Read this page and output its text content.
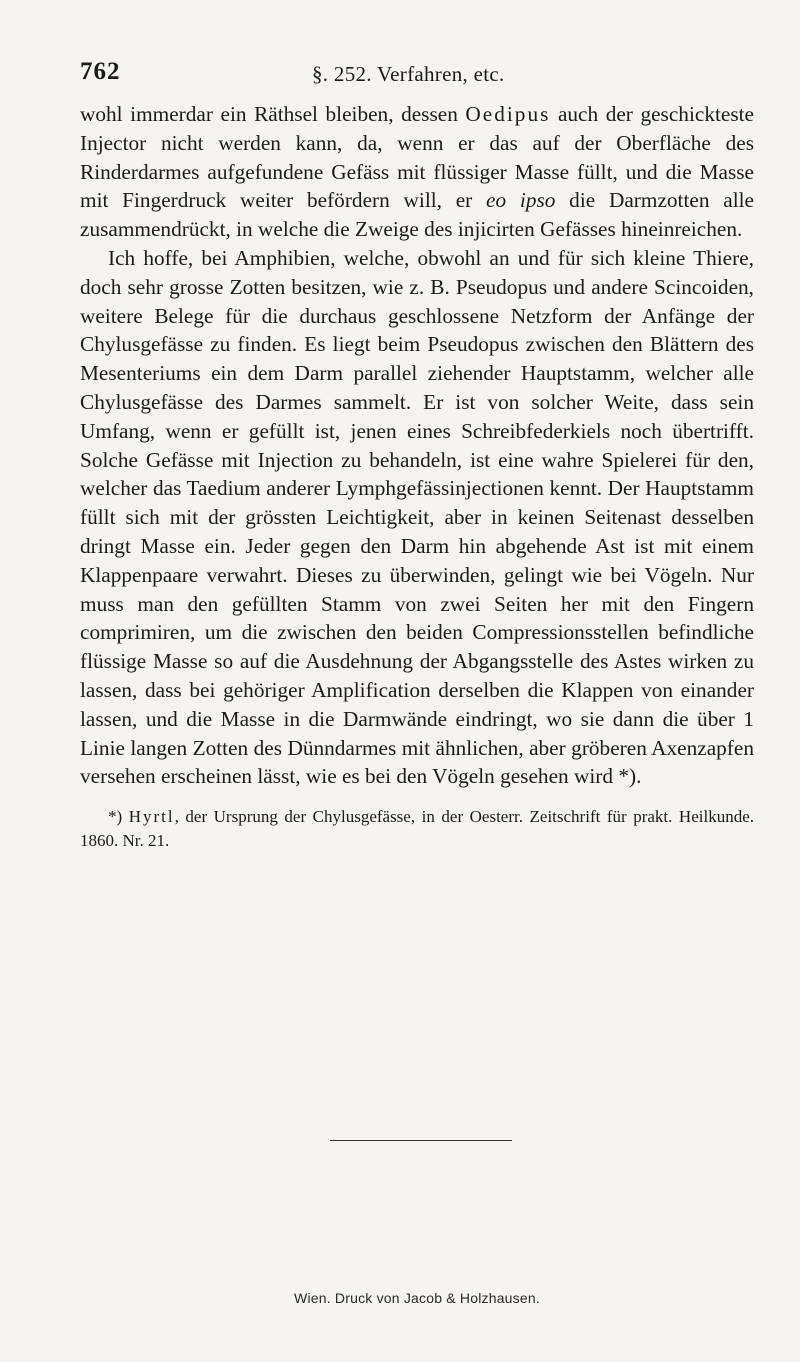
762	§. 252. Verfahren, etc.

wohl immerdar ein Räthsel bleiben, dessen Oedipus auch der geschickteste Injector nicht werden kann, da, wenn er das auf der Oberfläche des Rinderdarmes aufgefundene Gefäss mit flüssiger Masse füllt, und die Masse mit Fingerdruck weiter befördern will, er eo ipso die Darmzotten alle zusammendrückt, in welche die Zweige des injicirten Gefässes hineinreichen.

Ich hoffe, bei Amphibien, welche, obwohl an und für sich kleine Thiere, doch sehr grosse Zotten besitzen, wie z. B. Pseudopus und andere Scincoiden, weitere Belege für die durchaus geschlossene Netzform der Anfänge der Chylusgefässe zu finden. Es liegt beim Pseudopus zwischen den Blättern des Mesenteriums ein dem Darm parallel ziehender Hauptstamm, welcher alle Chylusgefässe des Darmes sammelt. Er ist von solcher Weite, dass sein Umfang, wenn er gefüllt ist, jenen eines Schreibfederkiels noch übertrifft. Solche Gefässe mit Injection zu behandeln, ist eine wahre Spielerei für den, welcher das Taedium anderer Lymphgefässinjectionen kennt. Der Hauptstamm füllt sich mit der grössten Leichtigkeit, aber in keinen Seitenast desselben dringt Masse ein. Jeder gegen den Darm hin abgehende Ast ist mit einem Klappenpaare verwahrt. Dieses zu überwinden, gelingt wie bei Vögeln. Nur muss man den gefüllten Stamm von zwei Seiten her mit den Fingern comprimiren, um die zwischen den beiden Compressionsstellen befindliche flüssige Masse so auf die Ausdehnung der Abgangsstelle des Astes wirken zu lassen, dass bei gehöriger Amplification derselben die Klappen von einander lassen, und die Masse in die Darmwände eindringt, wo sie dann die über 1 Linie langen Zotten des Dünndarmes mit ähnlichen, aber gröberen Axenzapfen versehen erscheinen lässt, wie es bei den Vögeln gesehen wird *).

*) Hyrtl, der Ursprung der Chylusgefässe, in der Oesterr. Zeitschrift für prakt. Heilkunde. 1860. Nr. 21.
Wien. Druck von Jacob & Holzhausen.
